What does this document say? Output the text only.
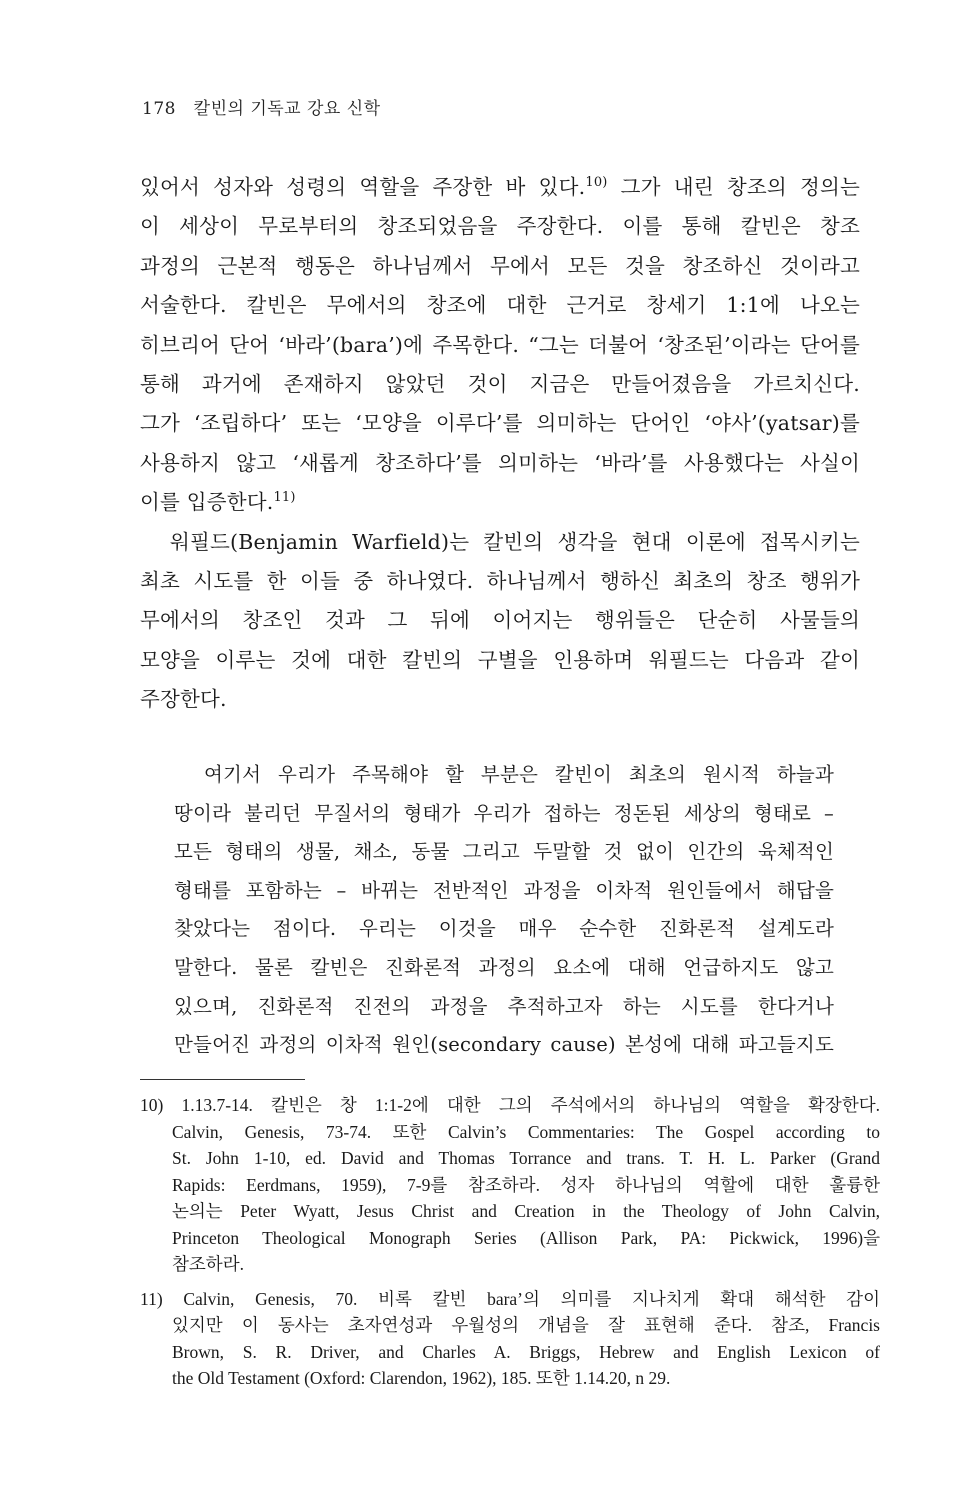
178 칼빈의 기독교 강요 신학
있어서 성자와 성령의 역할을 주장한 바 있다.$^{10)}$ 그가 내린 창조의 정의는
이 세상이 무로부터의 창조되었음을 주장한다. 이를 통해 칼빈은 창조
과정의 근본적 행동은 하나님께서 무에서 모든 것을 창조하신 것이라고
서술한다. 칼빈은 무에서의 창조에 대한 근거로 창세기 1:1에 나오는
히브리어 단어 ‘바라’(bara’)에 주목한다. “그는 더불어 ‘창조된’이라는 단어를
통해 과거에 존재하지 않았던 것이 지금은 만들어졌음을 가르치신다.
그가 ‘조립하다’ 또는 ‘모양을 이루다’를 의미하는 단어인 ‘야사’(yatsar)를
사용하지 않고 ‘새롭게 창조하다’를 의미하는 ‘바라’를 사용했다는 사실이
이를 입증한다.$^{11)}$
워필드(Benjamin Warfield)는 칼빈의 생각을 현대 이론에 접목시키는
최초 시도를 한 이들 중 하나였다. 하나님께서 행하신 최초의 창조 행위가
무에서의 창조인 것과 그 뒤에 이어지는 행위들은 단순히 사물들의
모양을 이루는 것에 대한 칼빈의 구별을 인용하며 워필드는 다음과 같이
주장한다.
여기서 우리가 주목해야 할 부분은 칼빈이 최초의 원시적 하늘과
땅이라 불리던 무질서의 형태가 우리가 접하는 정돈된 세상의 형태로 –
모든 형태의 생물, 채소, 동물 그리고 두말할 것 없이 인간의 육체적인
형태를 포함하는 – 바뀌는 전반적인 과정을 이차적 원인들에서 해답을
찾았다는 점이다. 우리는 이것을 매우 순수한 진화론적 설계도라
말한다. 물론 칼빈은 진화론적 과정의 요소에 대해 언급하지도 않고
있으며, 진화론적 진전의 과정을 추적하고자 하는 시도를 한다거나
만들어진 과정의 이차적 원인(secondary cause) 본성에 대해 파고들지도
10) 1.13.7-14. 칼빈은 창 1:1-2에 대한 그의 주석에서의 하나님의 역할을 확장한다.
Calvin, Genesis, 73-74. 또한 Calvin’s Commentaries: The Gospel according to
St. John 1-10, ed. David and Thomas Torrance and trans. T. H. L. Parker (Grand
Rapids: Eerdmans, 1959), 7-9를 참조하라. 성자 하나님의 역할에 대한 훌륭한
논의는 Peter Wyatt, Jesus Christ and Creation in the Theology of John Calvin,
Princeton Theological Monograph Series (Allison Park, PA: Pickwick, 1996)을
참조하라.
11) Calvin, Genesis, 70. 비록 칼빈 bara’의 의미를 지나치게 확대 해석한 감이
있지만 이 동사는 초자연성과 우월성의 개념을 잘 표현해 준다. 참조, Francis
Brown, S. R. Driver, and Charles A. Briggs, Hebrew and English Lexicon of
the Old Testament (Oxford: Clarendon, 1962), 185. 또한 1.14.20, n 29.
